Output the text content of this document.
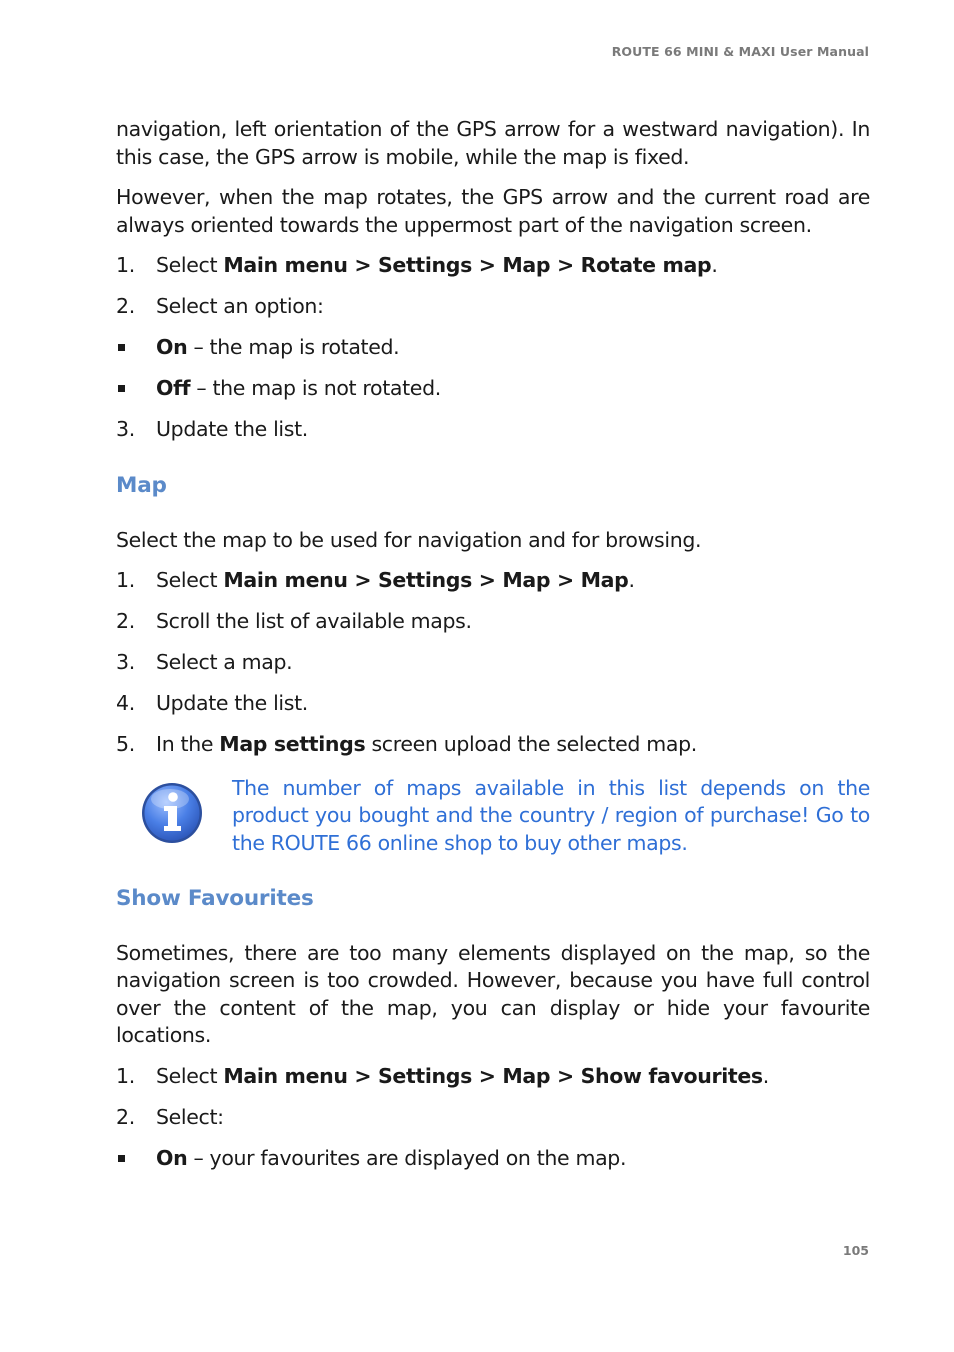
ROUTE 66 MINI & MAXI User Manual

navigation, left orientation of the GPS arrow for a westward navigation). In this case, the GPS arrow is mobile, while the map is fixed.

However, when the map rotates, the GPS arrow and the current road are always oriented towards the uppermost part of the navigation screen.

1.	Select Main menu > Settings > Map > Rotate map.
2.	Select an option:
On – the map is rotated.
Off – the map is not rotated.
3.	Update the list.
Map

Select the map to be used for navigation and for browsing.

1.	Select Main menu > Settings > Map > Map.
2.	Scroll the list of available maps.
3.	Select a map.
4.	Update the list.
5.	In the Map settings screen upload the selected map.

The number of maps available in this list depends on the product you bought and the country / region of purchase! Go to the ROUTE 66 online shop to buy other maps.

Show Favourites

Sometimes, there are too many elements displayed on the map, so the navigation screen is too crowded. However, because you have full control over the content of the map, you can display or hide your favourite locations.

1.	Select Main menu > Settings > Map > Show favourites.
2.	Select:
On – your favourites are displayed on the map.
105
